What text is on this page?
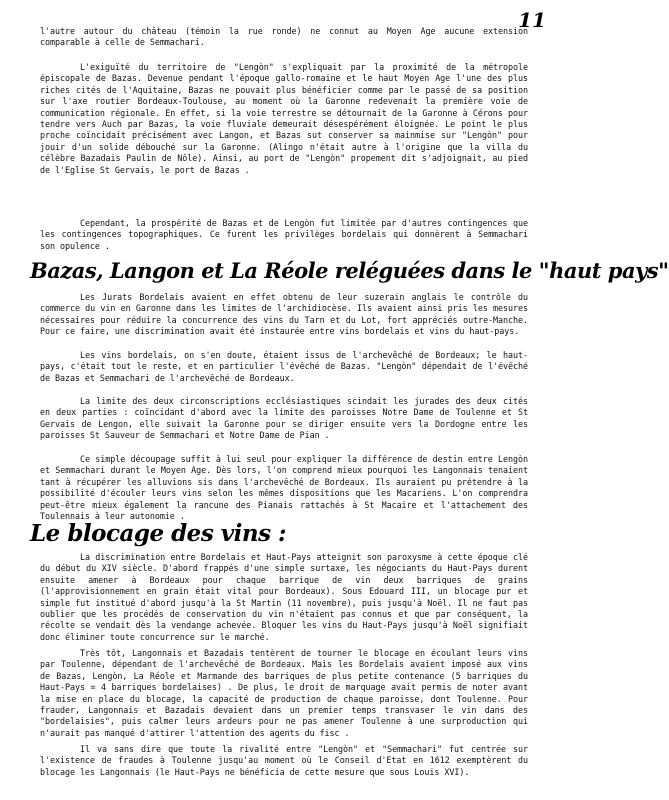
11

l'autre autour du château (témoin la rue ronde) ne connut au Moyen Age aucune extension comparable à celle de Semmachari.

L'exiguïté du territoire de "Lengòn" s'expliquait par la proximité de la métropole épiscopale de Bazas. Devenue pendant l'époque gallo-romaine et le haut Moyen Age l'une des plus riches cités de l'Aquitaine, Bazas ne pouvait plus bénéficier comme par le passé de sa position sur l'axe routier Bordeaux-Toulouse, au moment où la Garonne redevenait la première voie de communication régionale. En effet, si la voie terrestre se détournait de la Garonne à Cérons pour tendre vers Auch par Bazas, la voie fluviale demeurait désespérément éloignée. Le point le plus proche coïncidait précisément avec Langon, et Bazas sut conserver sa mainmise sur "Lengòn" pour jouir d'un solide débouché sur la Garonne. (Alingo n'était autre à l'origine que la villa du célèbre Bazadais Paulin de Nôle). Ainsi, au port de "Lengòn" propement dit s'adjoignait, au pied de l'Eglise St Gervais, le port de Bazas .

Cependant, la prospérité de Bazas et de Lengòn fut limitée par d'autres contingences que les contingences topographiques. Ce furent les privilèges bordelais qui donnèrent à Semmachari son opulence .

Bazas, Langon et La Réole reléguées dans le "haut pays"

Les Jurats Bordelais avaient en effet obtenu de leur suzerain anglais le contrôle du commerce du vin en Garonne dans les limites de l'archidiocèse. Ils avaient ainsi pris les mesures nécessaires pour réduire la concurrence des vins du Tarn et du Lot, fort appréciés outre-Manche. Pour ce faire, une discrimination avait été instaurée entre vins bordelais et vins du haut-pays.

Les vins bordelais, on s'en doute, étaient issus de l'archevêché de Bordeaux; le haut-pays, c'était tout le reste, et en particulier l'évêché de Bazas. "Lengòn" dépendait de l'évêché de Bazas et Semmachari de l'archevêché de Bordeaux.

La limite des deux circonscriptions ecclésiastiques scindait les jurades des deux cités en deux parties : coïncidant d'abord avec la limite des paroisses Notre Dame de Toulenne et St Gervais de Lengon, elle suivait la Garonne pour se diriger ensuite vers la Dordogne entre les paroisses St Sauveur de Semmachari et Notre Dame de Pian .

Ce simple découpage suffit à lui seul pour expliquer la différence de destin entre Lengòn et Semmachari durant le Moyen Age. Dès lors, l'on comprend mieux pourquoi les Langonnais tenaient tant à récupérer les alluvions sis dans l'archevêché de Bordeaux. Ils auraient pu prétendre à la possibilité d'écouler leurs vins selon les mêmes dispositions que les Macariens. L'on comprendra peut-être mieux également la rancune des Pianais rattachés à St Macaire et l'attachement des Toulennais à leur autonomie .

Le blocage des vins :

La discrimination entre Bordelais et Haut-Pays atteignit son paroxysme à cette époque clé du début du XIV siècle. D'abord frappés d'une simple surtaxe, les négociants du Haut-Pays durent ensuite amener à Bordeaux pour chaque barrique de vin deux barriques de grains (l'approvisionnement en grain était vital pour Bordeaux). Sous Edouard III, un blocage pur et simple fut institué d'abord jusqu'à la St Martin (11 novembre), puis jusqu'à Noël. Il ne faut pas oublier que les procédés de conservation du vin n'étaient pas connus et que par conséquent, la récolte se vendait dès la vendange achevée. Bloquer les vins du Haut-Pays jusqu'à Noël signifiait donc éliminer toute concurrence sur le marché.

Très tôt, Langonnais et Bazadais tentèrent de tourner le blocage en écoulant leurs vins par Toulenne, dépendant de l'archevêché de Bordeaux. Mais les Bordelais avaient imposé aux vins de Bazas, Lengòn, La Réole et Marmande des barriques de plus petite contenance (5 barriques du Haut-Pays = 4 barriques bordelaises) . De plus, le droit de marquage avait permis de noter avant la mise en place du blocage, la capacité de production de chaque paroisse, dont Toulenne. Pour frauder, Langonnais et Bazadais devaient dans un premier temps transvaser le vin dans des "bordelaisies", puis calmer leurs ardeurs pour ne pas amener Toulenne à une surproduction qui n'aurait pas manqué d'attirer l'attention des agents du fisc .

Il va sans dire que toute la rivalité entre "Lengòn" et "Semmachari" fut centrée sur l'existence de fraudes à Toulenne jusqu'au moment où le Conseil d'Etat en 1612 exemptèrent du blocage les Langonnais (le Haut-Pays ne bénéficia de cette mesure que sous Louis XVI).
